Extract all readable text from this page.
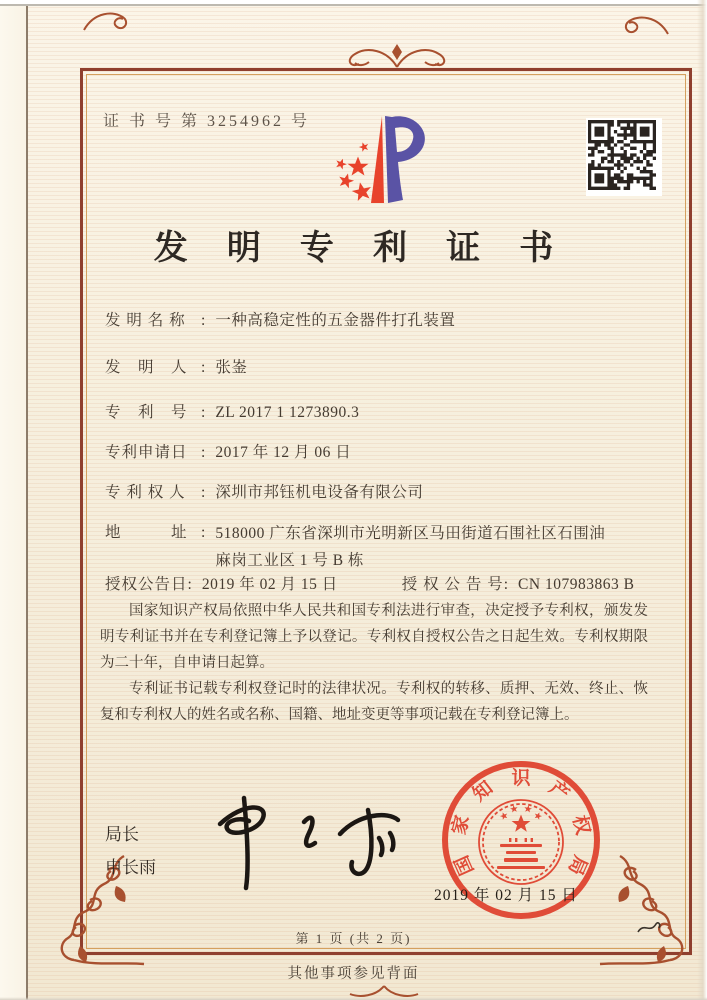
证 书 号 第 3254962 号
发 明 专 利 证 书
发 明 名 称 : 一种高稳定性的五金器件打孔装置
发　明　人 : 张崟
专　利　号 : ZL 2017 1 1273890.3
专利申请日 : 2017 年 12 月 06 日
专 利 权 人 : 深圳市邦钰机电设备有限公司
地　　　址 : 518000 广东省深圳市光明新区马田街道石围社区石围油
麻岗工业区 1 号 B 栋
授权公告日: 2019 年 02 月 15 日	授 权 公 告 号: CN 107983863 B

国家知识产权局依照中华人民共和国专利法进行审查，决定授予专利权，颁发发明专利证书并在专利登记簿上予以登记。专利权自授权公告之日起生效。专利权期限为二十年，自申请日起算。

专利证书记载专利权登记时的法律状况。专利权的转移、质押、无效、终止、恢复和专利权人的姓名或名称、国籍、地址变更等事项记载在专利登记簿上。

局长
申长雨	国
家
知 识 产
权
局
2019 年 02 月 15 日
第 1 页 (共 2 页)
其他事项参见背面
